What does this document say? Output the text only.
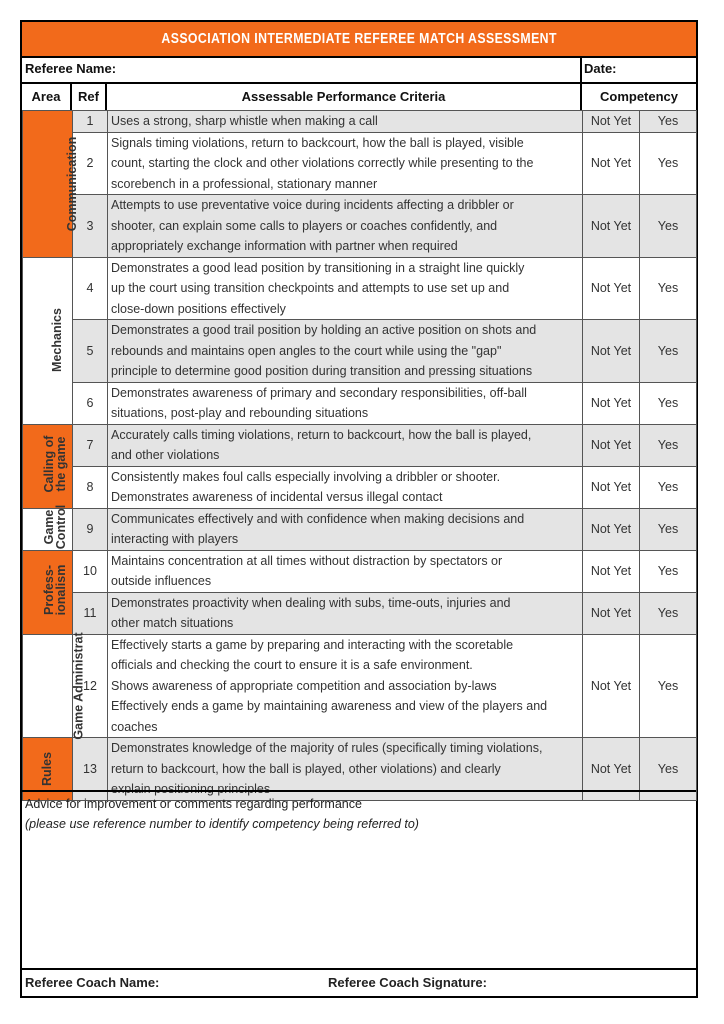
ASSOCIATION INTERMEDIATE REFEREE MATCH ASSESSMENT
Referee Name:	Date:
Area	Ref	Assessable Performance Criteria	Competency
Communication	1	Uses a strong, sharp whistle when making a call	Not Yet	Yes
	2	Signals timing violations, return to backcourt, how the ball is played, visible
count, starting the clock and other violations correctly while presenting to the
scorebench in a professional, stationary manner	Not Yet	Yes
	3	Attempts to use preventative voice during incidents affecting a dribbler or
shooter, can explain some calls to players or coaches confidently, and
appropriately exchange information with partner when required	Not Yet	Yes
Mechanics	4	Demonstrates a good lead position by transitioning in a straight line quickly
up the court using transition checkpoints and attempts to use set up and
close-down positions effectively	Not Yet	Yes
	5	Demonstrates a good trail position by holding an active position on shots and
rebounds and maintains open angles to the court while using the "gap"
principle to determine good position during transition and pressing situations	Not Yet	Yes
	6	Demonstrates awareness of primary and secondary responsibilities, off-ball
situations, post-play and rebounding situations	Not Yet	Yes
Calling of the game	7	Accurately calls timing violations, return to backcourt, how the ball is played,
and other violations	Not Yet	Yes
	8	Consistently makes foul calls especially involving a dribbler or shooter.
Demonstrates awareness of incidental versus illegal contact	Not Yet	Yes
Game Control	9	Communicates effectively and with confidence when making decisions and
interacting with players	Not Yet	Yes
Profess-ionalism	10	Maintains concentration at all times without distraction by spectators or
outside influences	Not Yet	Yes
	11	Demonstrates proactivity when dealing with subs, time-outs, injuries and
other match situations	Not Yet	Yes
Game Administrat	12	Effectively starts a game by preparing and interacting with the scoretable
officials and checking the court to ensure it is a safe environment.
Shows awareness of appropriate competition and association by-laws
Effectively ends a game by maintaining awareness and view of the players and
coaches	Not Yet	Yes
Rules	13	Demonstrates knowledge of the majority of rules (specifically timing violations,
return to backcourt, how the ball is played, other violations) and clearly
explain positioning principles	Not Yet	Yes
Advice for improvement or comments regarding performance
(please use reference number to identify competency being referred to)
Referee Coach Name:	Referee Coach Signature:
